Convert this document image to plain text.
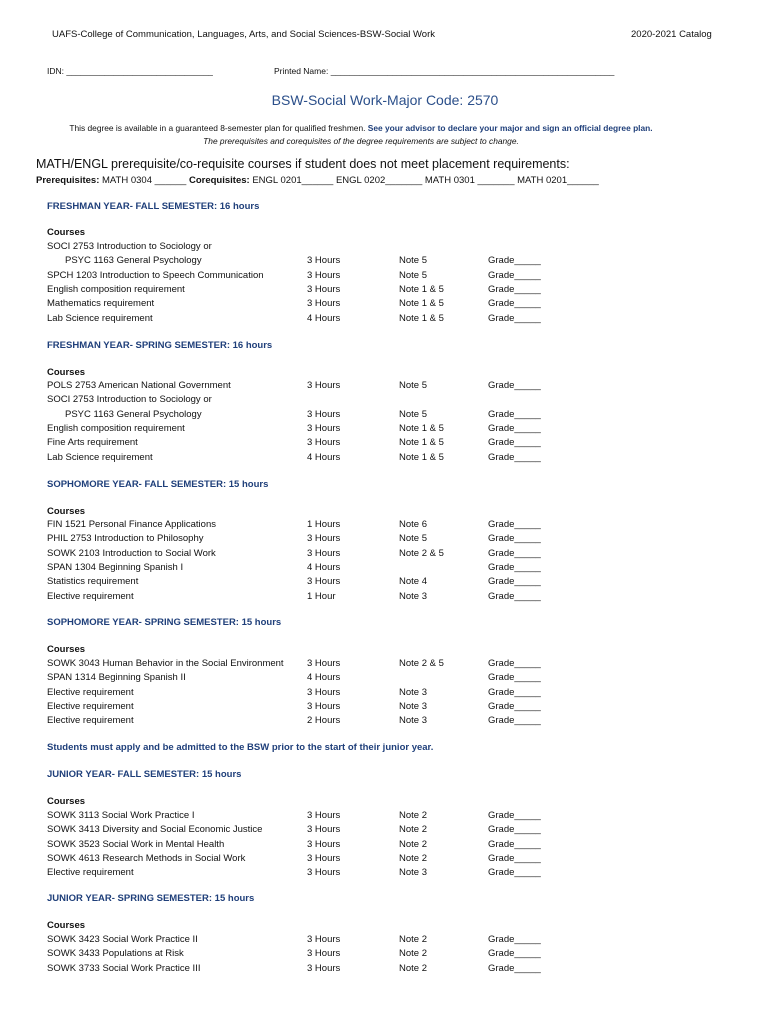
UAFS-College of Communication, Languages, Arts, and Social Sciences-BSW-Social Work	2020-2021 Catalog
IDN: _______________________________	Printed Name: ____________________________________________________________
BSW-Social Work-Major Code: 2570
This degree is available in a guaranteed 8-semester plan for qualified freshmen. See your advisor to declare your major and sign an official degree plan.
The prerequisites and corequisites of the degree requirements are subject to change.
MATH/ENGL prerequisite/co-requisite courses if student does not meet placement requirements:
Prerequisites: MATH 0304 ______ Corequisites: ENGL 0201______ ENGL 0202_______ MATH 0301 _______ MATH 0201______
FRESHMAN YEAR- FALL SEMESTER: 16 hours
Courses
SOCI 2753 Introduction to Sociology or
PSYC 1163 General Psychology	3 Hours	Note 5	Grade_____
SPCH 1203 Introduction to Speech Communication	3 Hours	Note 5	Grade_____
English composition requirement	3 Hours	Note 1 & 5	Grade_____
Mathematics requirement	3 Hours	Note 1 & 5	Grade_____
Lab Science requirement	4 Hours	Note 1 & 5	Grade_____
FRESHMAN YEAR- SPRING SEMESTER: 16 hours
Courses
POLS 2753 American National Government	3 Hours	Note 5	Grade_____
SOCI 2753 Introduction to Sociology or
PSYC 1163 General Psychology	3 Hours	Note 5	Grade_____
English composition requirement	3 Hours	Note 1 & 5	Grade_____
Fine Arts requirement	3 Hours	Note 1 & 5	Grade_____
Lab Science requirement	4 Hours	Note 1 & 5	Grade_____
SOPHOMORE YEAR- FALL SEMESTER: 15 hours
Courses
FIN 1521 Personal Finance Applications	1 Hours	Note 6	Grade_____
PHIL 2753 Introduction to Philosophy	3 Hours	Note 5	Grade_____
SOWK 2103 Introduction to Social Work	3 Hours	Note 2 & 5	Grade_____
SPAN 1304 Beginning Spanish I	4 Hours	Grade_____
Statistics requirement	3 Hours	Note 4	Grade_____
Elective requirement	1 Hour	Note 3	Grade_____
SOPHOMORE YEAR- SPRING SEMESTER: 15 hours
Courses
SOWK 3043 Human Behavior in the Social Environment 3 Hours	Note 2 & 5	Grade_____
SPAN 1314 Beginning Spanish II	4 Hours	Grade_____
Elective requirement	3 Hours	Note 3	Grade_____
Elective requirement	3 Hours	Note 3	Grade_____
Elective requirement	2 Hours	Note 3	Grade_____
JUNIOR YEAR- FALL SEMESTER: 15 hours
Courses
SOWK 3113 Social Work Practice I	3 Hours	Note 2	Grade_____
SOWK 3413 Diversity and Social Economic Justice	3 Hours	Note 2	Grade_____
SOWK 3523 Social Work in Mental Health	3 Hours	Note 2	Grade_____
SOWK 4613 Research Methods in Social Work	3 Hours	Note 2	Grade_____
Elective requirement	3 Hours	Note 3	Grade_____
JUNIOR YEAR- SPRING SEMESTER: 15 hours
Courses
SOWK 3423 Social Work Practice II	3 Hours	Note 2	Grade_____
SOWK 3433 Populations at Risk	3 Hours	Note 2	Grade_____
SOWK 3733 Social Work Practice III	3 Hours	Note 2	Grade_____
Students must apply and be admitted to the BSW prior to the start of their junior year.
